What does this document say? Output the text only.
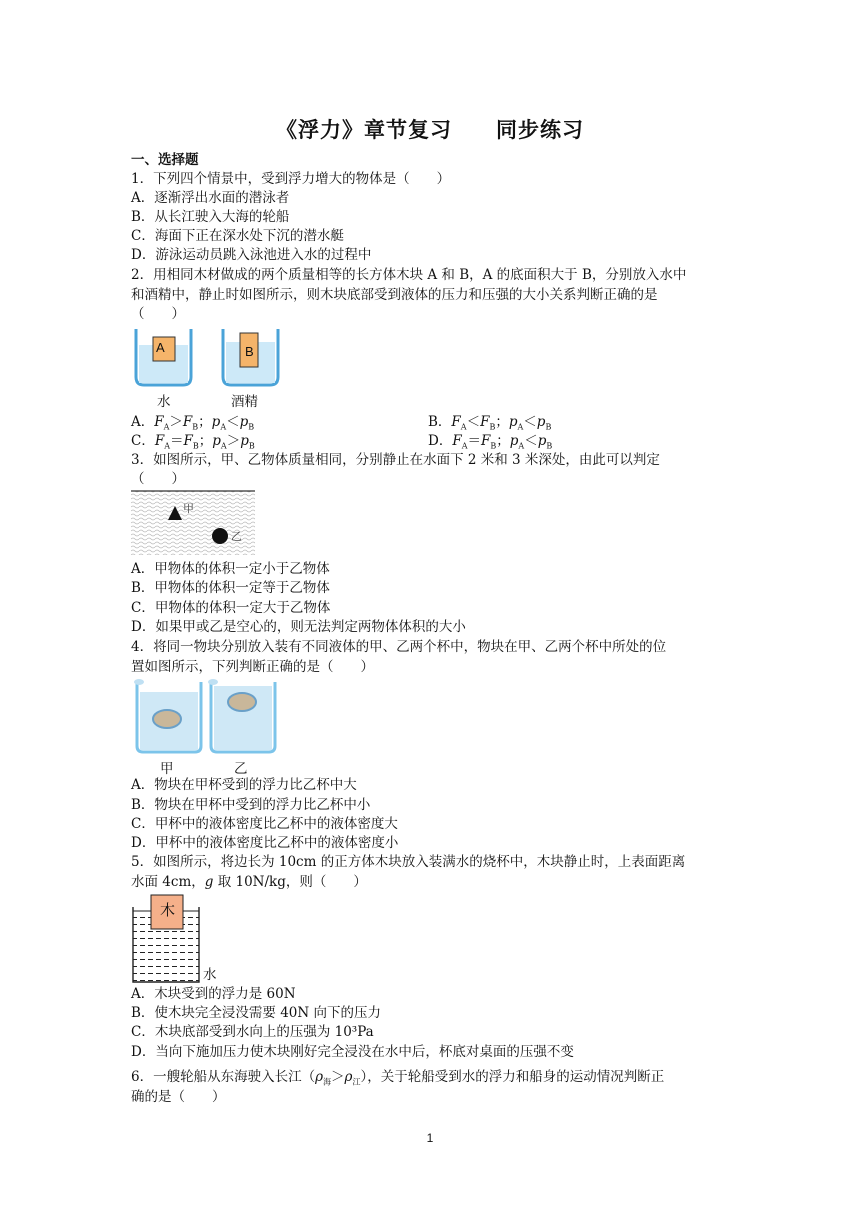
《浮力》章节复习 同步练习
一、选择题
1．下列四个情景中，受到浮力增大的物体是（　　）
A．逐渐浮出水面的潜泳者
B．从长江驶入大海的轮船
C．海面下正在深水处下沉的潜水艇
D．游泳运动员跳入泳池进入水的过程中
2．用相同木材做成的两个质量相等的长方体木块 A 和 B，A 的底面积大于 B，分别放入水中
和酒精中，静止时如图所示，则木块底部受到液体的压力和压强的大小关系判断正确的是
（　　）
A	B
水	酒精
A．$F_A>F_B$；$p_A<p_B$	B．$F_A<F_B$；$p_A<p_B$
C．$F_A=F_B$；$p_A>p_B$	D．$F_A=F_B$；$p_A<p_B$
3．如图所示，甲、乙物体质量相同，分别静止在水面下 2 米和 3 米深处，由此可以判定
（　　）
甲
乙
A．甲物体的体积一定小于乙物体
B．甲物体的体积一定等于乙物体
C．甲物体的体积一定大于乙物体
D．如果甲或乙是空心的，则无法判定两物体体积的大小
4．将同一物块分别放入装有不同液体的甲、乙两个杯中，物块在甲、乙两个杯中所处的位
置如图所示，下列判断正确的是（　　）
甲	乙
A．物块在甲杯受到的浮力比乙杯中大
B．物块在甲杯中受到的浮力比乙杯中小
C．甲杯中的液体密度比乙杯中的液体密度大
D．甲杯中的液体密度比乙杯中的液体密度小
5．如图所示，将边长为 10cm 的正方体木块放入装满水的烧杯中，木块静止时，上表面距离
水面 4cm，g 取 10N/kg，则（　　）
木
水
A．木块受到的浮力是 60N
B．使木块完全浸没需要 40N 向下的压力
C．木块底部受到水向上的压强为 10³Pa
D．当向下施加压力使木块刚好完全浸没在水中后，杯底对桌面的压强不变
6．一艘轮船从东海驶入长江$(\rho_海>\rho_江)$，关于轮船受到水的浮力和船身的运动情况判断正
确的是（　　）
1
